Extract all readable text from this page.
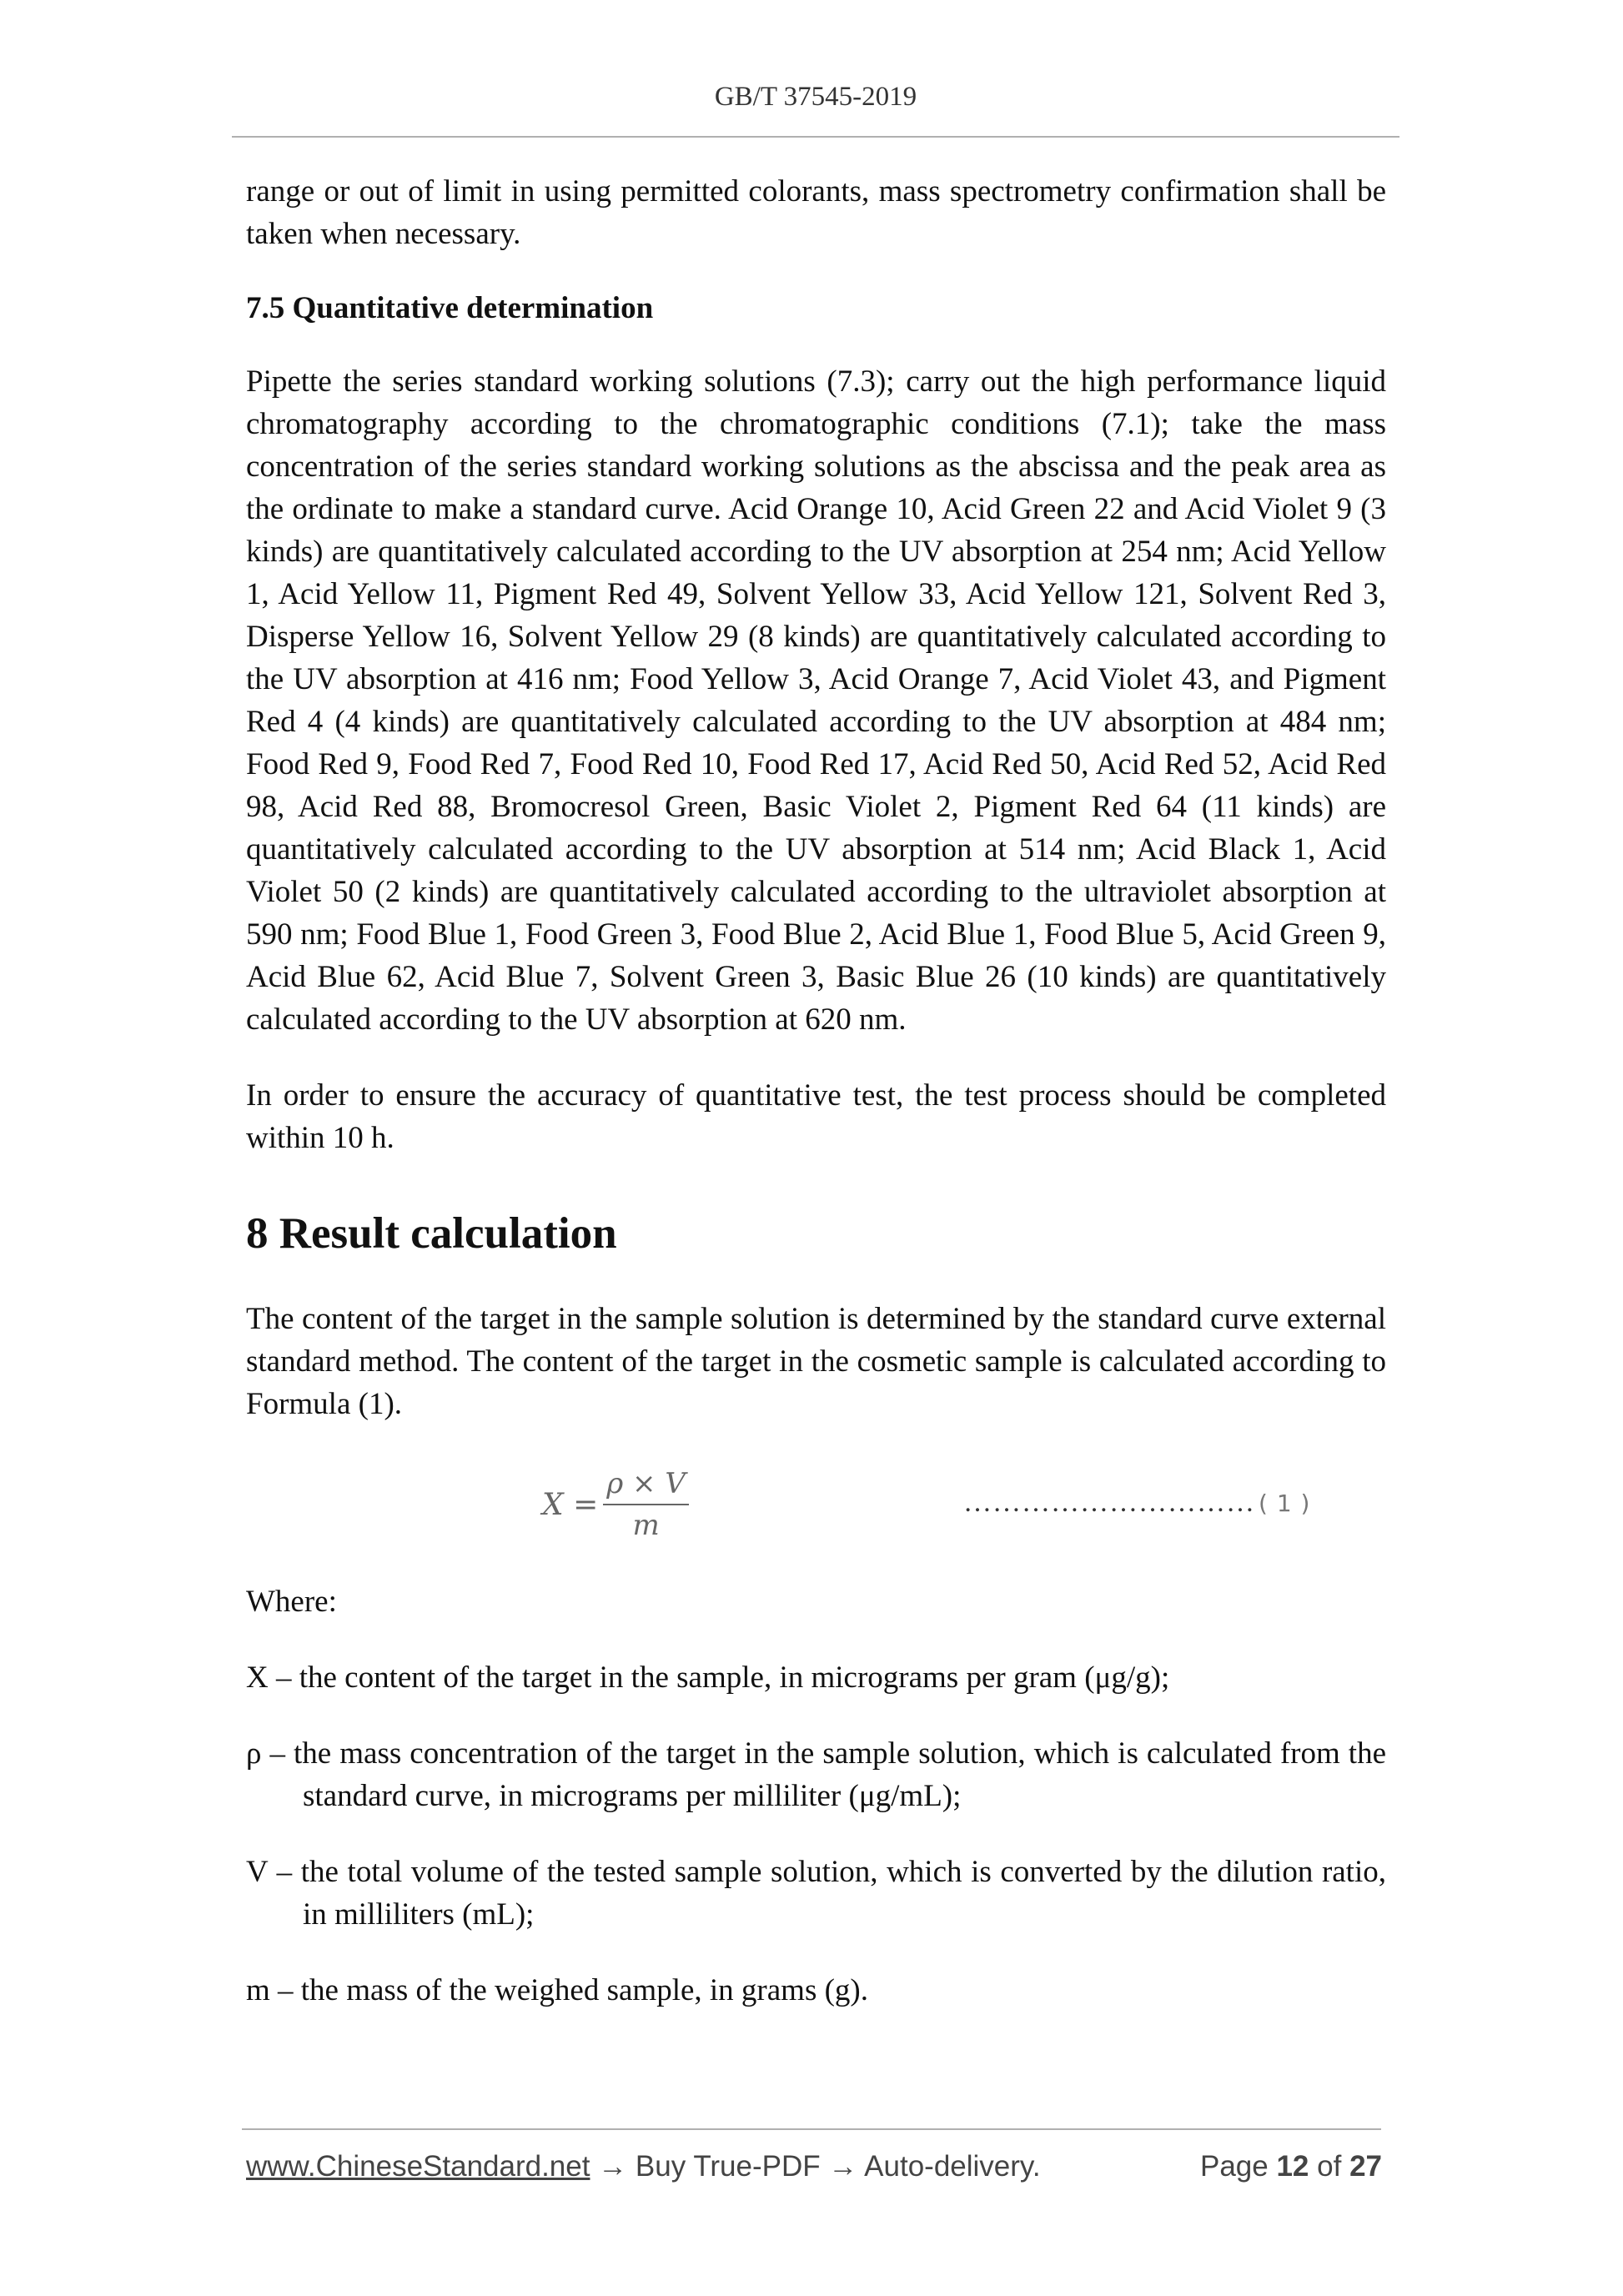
GB/T 37545-2019

range or out of limit in using permitted colorants, mass spectrometry confirmation shall be taken when necessary.

7.5 Quantitative determination

Pipette the series standard working solutions (7.3); carry out the high performance liquid chromatography according to the chromatographic conditions (7.1); take the mass concentration of the series standard working solutions as the abscissa and the peak area as the ordinate to make a standard curve. Acid Orange 10, Acid Green 22 and Acid Violet 9 (3 kinds) are quantitatively calculated according to the UV absorption at 254 nm; Acid Yellow 1, Acid Yellow 11, Pigment Red 49, Solvent Yellow 33, Acid Yellow 121, Solvent Red 3, Disperse Yellow 16, Solvent Yellow 29 (8 kinds) are quantitatively calculated according to the UV absorption at 416 nm; Food Yellow 3, Acid Orange 7, Acid Violet 43, and Pigment Red 4 (4 kinds) are quantitatively calculated according to the UV absorption at 484 nm; Food Red 9, Food Red 7, Food Red 10, Food Red 17, Acid Red 50, Acid Red 52, Acid Red 98, Acid Red 88, Bromocresol Green, Basic Violet 2, Pigment Red 64 (11 kinds) are quantitatively calculated according to the UV absorption at 514 nm; Acid Black 1, Acid Violet 50 (2 kinds) are quantitatively calculated according to the ultraviolet absorption at 590 nm; Food Blue 1, Food Green 3, Food Blue 2, Acid Blue 1, Food Blue 5, Acid Green 9, Acid Blue 62, Acid Blue 7, Solvent Green 3, Basic Blue 26 (10 kinds) are quantitatively calculated according to the UV absorption at 620 nm.

In order to ensure the accuracy of quantitative test, the test process should be completed within 10 h.

8 Result calculation

The content of the target in the sample solution is determined by the standard curve external standard method. The content of the target in the cosmetic sample is calculated according to Formula (1).

$X = \frac{\rho \times V}{m}$	………………………… ( 1 )

Where:

X – the content of the target in the sample, in micrograms per gram (μg/g);

ρ – the mass concentration of the target in the sample solution, which is calculated from the standard curve, in micrograms per milliliter (μg/mL);

V – the total volume of the tested sample solution, which is converted by the dilution ratio, in milliliters (mL);

m – the mass of the weighed sample, in grams (g).

www.ChineseStandard.net → Buy True-PDF → Auto-delivery.	Page 12 of 27
